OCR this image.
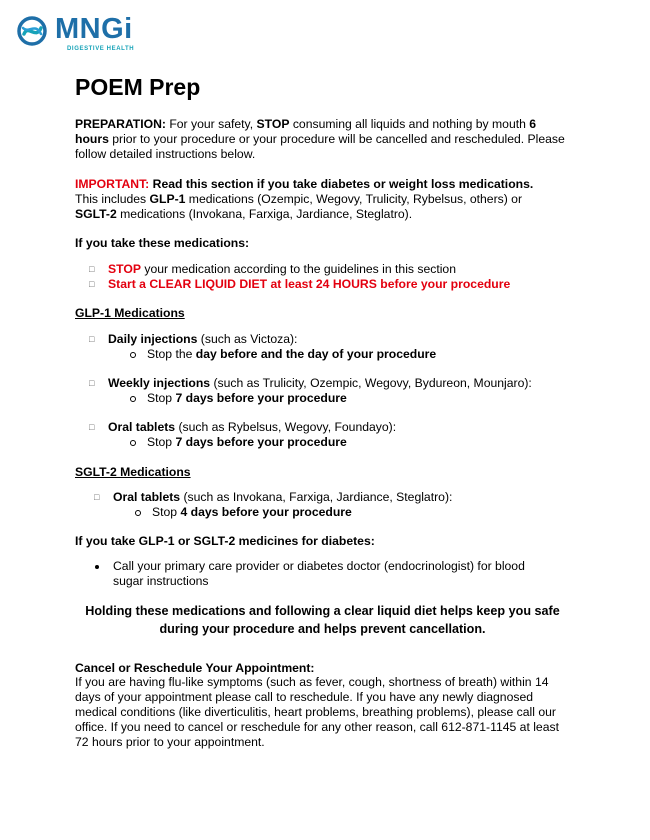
MNGi
DIGESTIVE HEALTH
POEM Prep
PREPARATION: For your safety, STOP consuming all liquids and nothing by mouth 6 hours prior to your procedure or your procedure will be cancelled and rescheduled. Please follow detailed instructions below.
IMPORTANT: Read this section if you take diabetes or weight loss medications.
This includes GLP-1 medications (Ozempic, Wegovy, Trulicity, Rybelsus, others) or
SGLT-2 medications (Invokana, Farxiga, Jardiance, Steglatro).
If you take these medications:
□ STOP your medication according to the guidelines in this section
□ Start a CLEAR LIQUID DIET at least 24 HOURS before your procedure
GLP-1 Medications
□ Daily injections (such as Victoza):
Stop the day before and the day of your procedure
□ Weekly injections (such as Trulicity, Ozempic, Wegovy, Bydureon, Mounjaro):
Stop 7 days before your procedure
□ Oral tablets (such as Rybelsus, Wegovy, Foundayo):
Stop 7 days before your procedure
SGLT-2 Medications
□ Oral tablets (such as Invokana, Farxiga, Jardiance, Steglatro):
Stop 4 days before your procedure
If you take GLP-1 or SGLT-2 medicines for diabetes:
Call your primary care provider or diabetes doctor (endocrinologist) for blood
sugar instructions
Holding these medications and following a clear liquid diet helps keep you safe
during your procedure and helps prevent cancellation.
Cancel or Reschedule Your Appointment:
If you are having flu-like symptoms (such as fever, cough, shortness of breath) within 14 days of your appointment please call to reschedule. If you have any newly diagnosed medical conditions (like diverticulitis, heart problems, breathing problems), please call our office. If you need to cancel or reschedule for any other reason, call 612-871-1145 at least 72 hours prior to your appointment.
